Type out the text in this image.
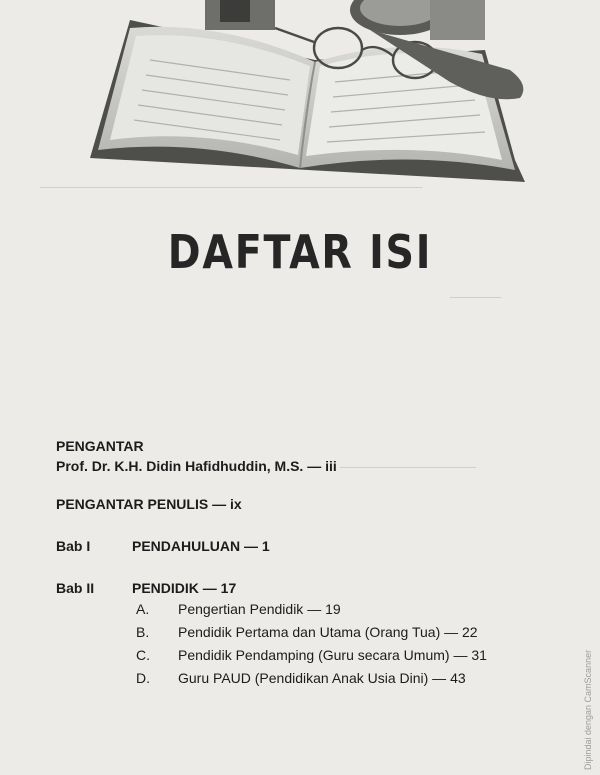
─────────────────────────────────────────────
──────
────────────────
DAFTAR ISI
PENGANTAR
Prof. Dr. K.H. Didin Hafidhuddin, M.S. — iii
PENGANTAR PENULIS — ix
Bab I	PENDAHULUAN — 1
Bab II	PENDIDIK — 17
A.	Pengertian Pendidik — 19
B.	Pendidik Pertama dan Utama (Orang Tua) — 22
C.	Pendidik Pendamping (Guru secara Umum) — 31
D.	Guru PAUD (Pendidikan Anak Usia Dini) — 43	Dipindai dengan CamScanner
